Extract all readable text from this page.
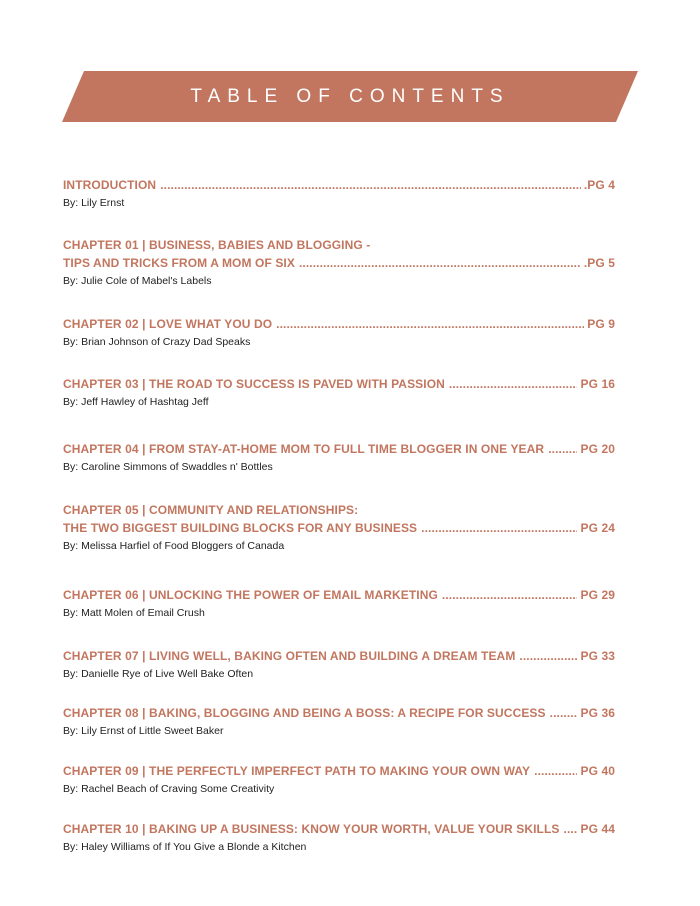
TABLE OF CONTENTS
INTRODUCTION .....	.PG 4
By: Lily Ernst
CHAPTER 01 | BUSINESS, BABIES AND BLOGGING -
TIPS AND TRICKS FROM A MOM OF SIX .....	.PG 5
By: Julie Cole of Mabel's Labels
CHAPTER 02 | LOVE WHAT YOU DO .....	PG 9
By: Brian Johnson of Crazy Dad Speaks
CHAPTER 03 | THE ROAD TO SUCCESS IS PAVED WITH PASSION .....	PG 16
By: Jeff Hawley of Hashtag Jeff
CHAPTER 04 | FROM STAY-AT-HOME MOM TO FULL TIME BLOGGER IN ONE YEAR .....	PG 20
By: Caroline Simmons of Swaddles n' Bottles
CHAPTER 05 | COMMUNITY AND RELATIONSHIPS:
THE TWO BIGGEST BUILDING BLOCKS FOR ANY BUSINESS .....	PG 24
By: Melissa Harfiel of Food Bloggers of Canada
CHAPTER 06 | UNLOCKING THE POWER OF EMAIL MARKETING .....	PG 29
By: Matt Molen of Email Crush
CHAPTER 07 | LIVING WELL, BAKING OFTEN AND BUILDING A DREAM TEAM .....	PG 33
By: Danielle Rye of Live Well Bake Often
CHAPTER 08 | BAKING, BLOGGING AND BEING A BOSS: A RECIPE FOR SUCCESS .....	PG 36
By: Lily Ernst of Little Sweet Baker
CHAPTER 09 | THE PERFECTLY IMPERFECT PATH TO MAKING YOUR OWN WAY .....	PG 40
By: Rachel Beach of Craving Some Creativity
CHAPTER 10 | BAKING UP A BUSINESS: KNOW YOUR WORTH, VALUE YOUR SKILLS ..... PG 44
By: Haley Williams of If You Give a Blonde a Kitchen
